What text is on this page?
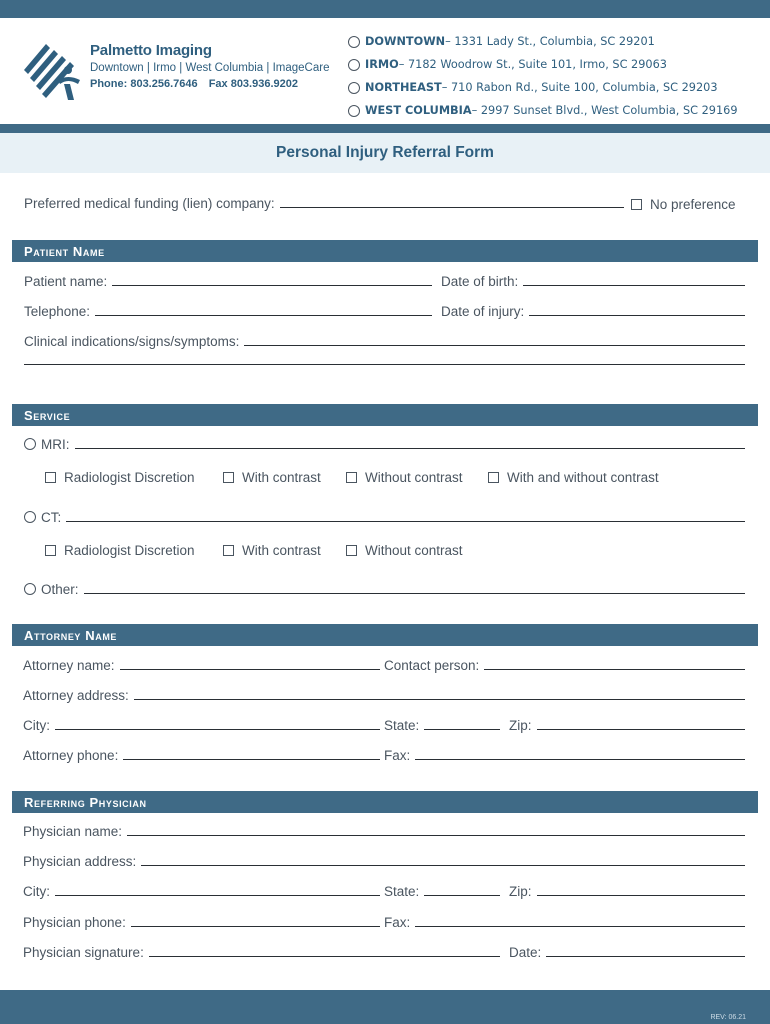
Palmetto Imaging
Downtown | Irmo | West Columbia | ImageCare
Phone: 803.256.7646 Fax 803.936.9202
DOWNTOWN – 1331 Lady St., Columbia, SC 29201
IRMO – 7182 Woodrow St., Suite 101, Irmo, SC 29063
NORTHEAST – 710 Rabon Rd., Suite 100, Columbia, SC 29203
WEST COLUMBIA – 2997 Sunset Blvd., West Columbia, SC 29169
Personal Injury Referral Form
Preferred medical funding (lien) company:	No preference
Patient Name
Patient name:	Date of birth:
Telephone:	Date of injury:
Clinical indications/signs/symptoms:
Service
MRI:
Radiologist Discretion	With contrast	Without contrast	With and without contrast
CT:
Radiologist Discretion	With contrast	Without contrast
Other:
Attorney Name
Attorney name:	Contact person:
Attorney address:
City:	State:	Zip:
Attorney phone:	Fax:
Referring Physician
Physician name:
Physician address:
City:	State:	Zip:
Physician phone:	Fax:
Physician signature:	Date:
REV: 06.21
